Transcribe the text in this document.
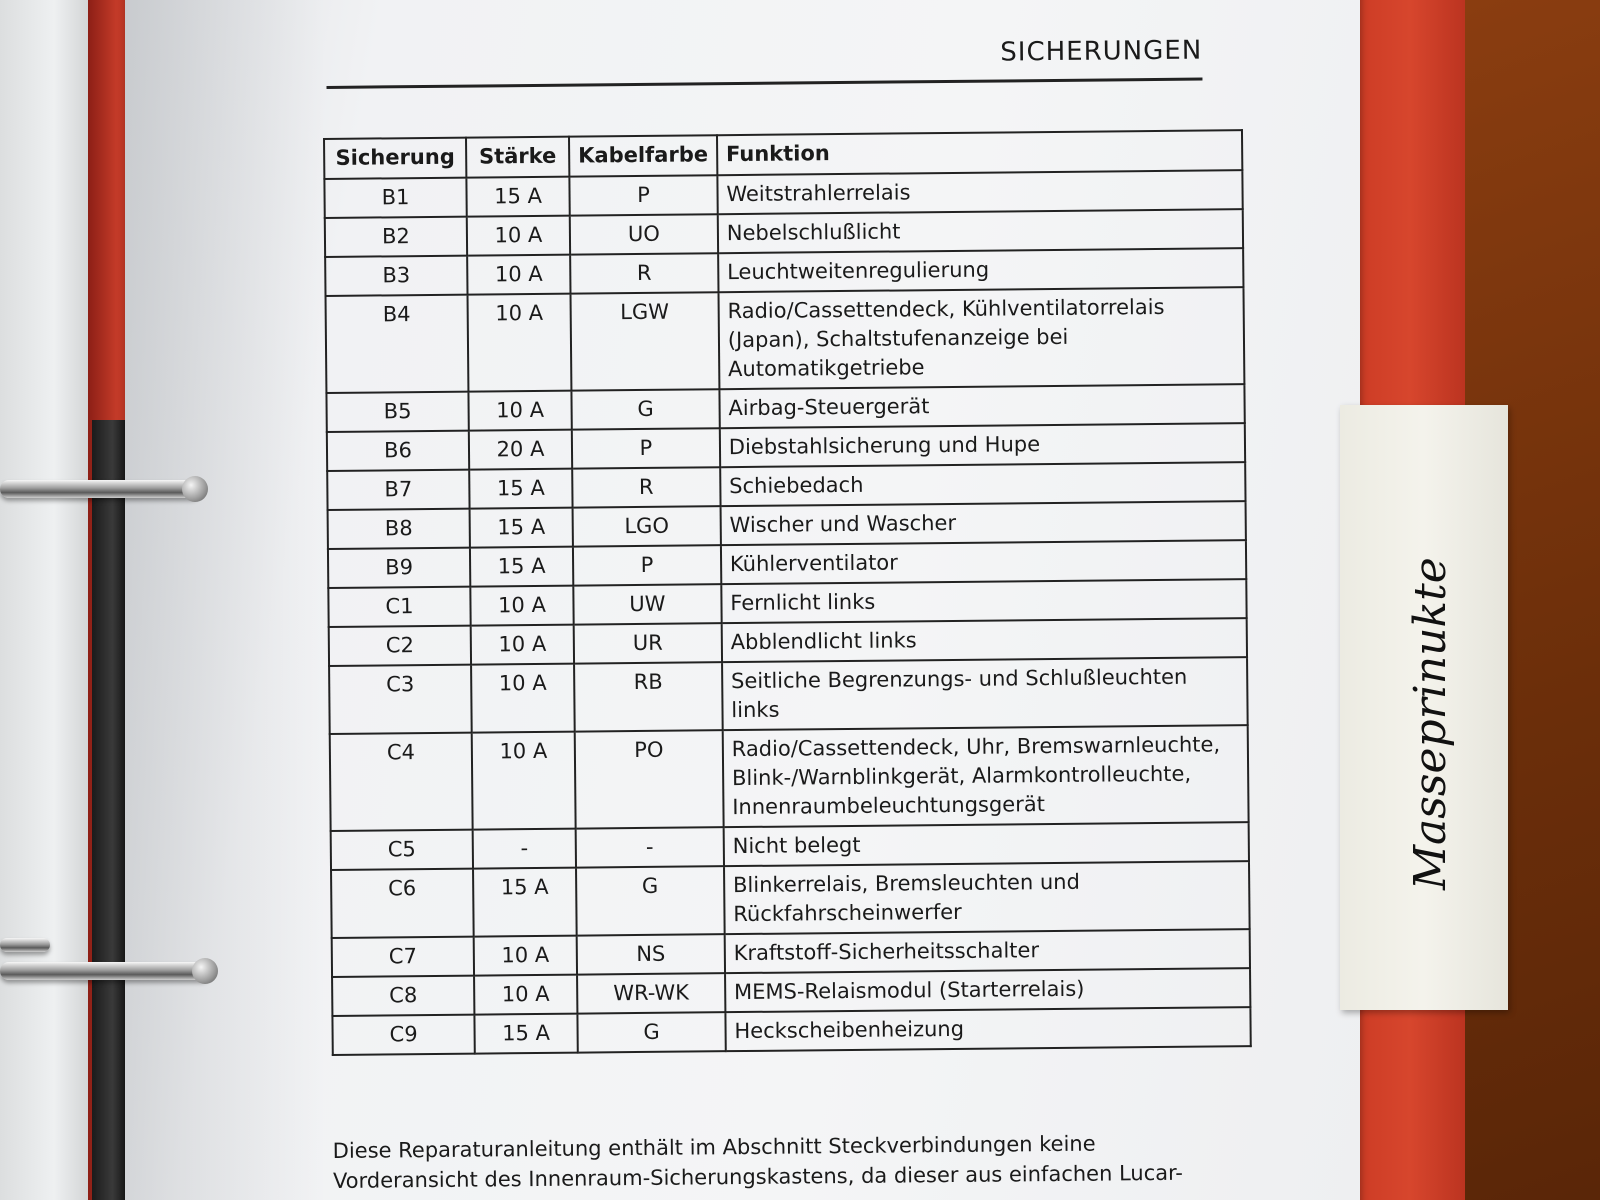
SICHERUNGEN
Sicherung	Stärke	Kabelfarbe	Funktion
B1	15 A	P	Weitstrahlerrelais
B2	10 A	UO	Nebelschlußlicht
B3	10 A	R	Leuchtweitenregulierung
B4	10 A	LGW	Radio/Cassettendeck, Kühlventilatorrelais (Japan), Schaltstufenanzeige bei Automatikgetriebe
B5	10 A	G	Airbag-Steuergerät
B6	20 A	P	Diebstahlsicherung und Hupe
B7	15 A	R	Schiebedach
B8	15 A	LGO	Wischer und Wascher
B9	15 A	P	Kühlerventilator
C1	10 A	UW	Fernlicht links
C2	10 A	UR	Abblendlicht links
C3	10 A	RB	Seitliche Begrenzungs- und Schlußleuchten links
C4	10 A	PO	Radio/Cassettendeck, Uhr, Bremswarnleuchte, Blink-/Warnblinkgerät, Alarmkontrolleuchte, Innenraumbeleuchtungsgerät
C5	-	-	Nicht belegt
C6	15 A	G	Blinkerrelais, Bremsleuchten und Rückfahrscheinwerfer
C7	10 A	NS	Kraftstoff-Sicherheitsschalter
C8	10 A	WR-WK	MEMS-Relaismodul (Starterrelais)
C9	15 A	G	Heckscheibenheizung
Diese Reparaturanleitung enthält im Abschnitt Steckverbindungen keine
Vorderansicht des Innenraum-Sicherungskastens, da dieser aus einfachen Lucar-
Masseprinukte
